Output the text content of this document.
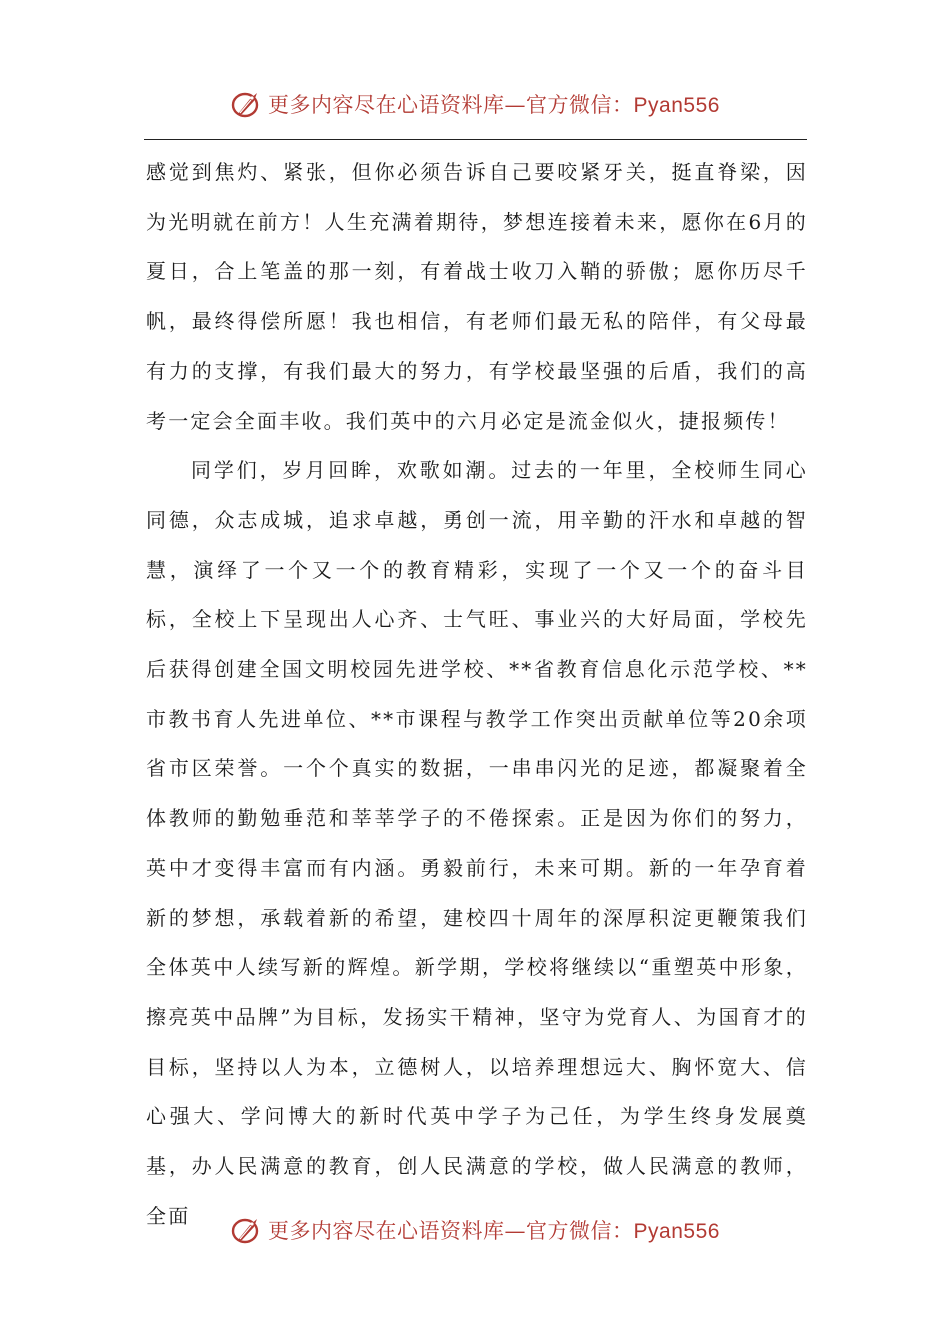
更多内容尽在心语资料库—官方微信：Pyan556

感觉到焦灼、紧张，但你必须告诉自己要咬紧牙关，挺直脊梁，因为光明就在前方！人生充满着期待，梦想连接着未来，愿你在6月的夏日，合上笔盖的那一刻，有着战士收刀入鞘的骄傲；愿你历尽千帆，最终得偿所愿！我也相信，有老师们最无私的陪伴，有父母最有力的支撑，有我们最大的努力，有学校最坚强的后盾，我们的高考一定会全面丰收。我们英中的六月必定是流金似火，捷报频传！

同学们，岁月回眸，欢歌如潮。过去的一年里，全校师生同心同德，众志成城，追求卓越，勇创一流，用辛勤的汗水和卓越的智慧，演绎了一个又一个的教育精彩，实现了一个又一个的奋斗目标，全校上下呈现出人心齐、士气旺、事业兴的大好局面，学校先后获得创建全国文明校园先进学校、**省教育信息化示范学校、**市教书育人先进单位、**市课程与教学工作突出贡献单位等20余项省市区荣誉。一个个真实的数据，一串串闪光的足迹，都凝聚着全体教师的勤勉垂范和莘莘学子的不倦探索。正是因为你们的努力，英中才变得丰富而有内涵。勇毅前行，未来可期。新的一年孕育着新的梦想，承载着新的希望，建校四十周年的深厚积淀更鞭策我们全体英中人续写新的辉煌。新学期，学校将继续以“重塑英中形象，擦亮英中品牌”为目标，发扬实干精神，坚守为党育人、为国育才的目标，坚持以人为本，立德树人，以培养理想远大、胸怀宽大、信心强大、学问博大的新时代英中学子为己任，为学生终身发展奠基，办人民满意的教育，创人民满意的学校，做人民满意的教师，全面

更多内容尽在心语资料库—官方微信：Pyan556
